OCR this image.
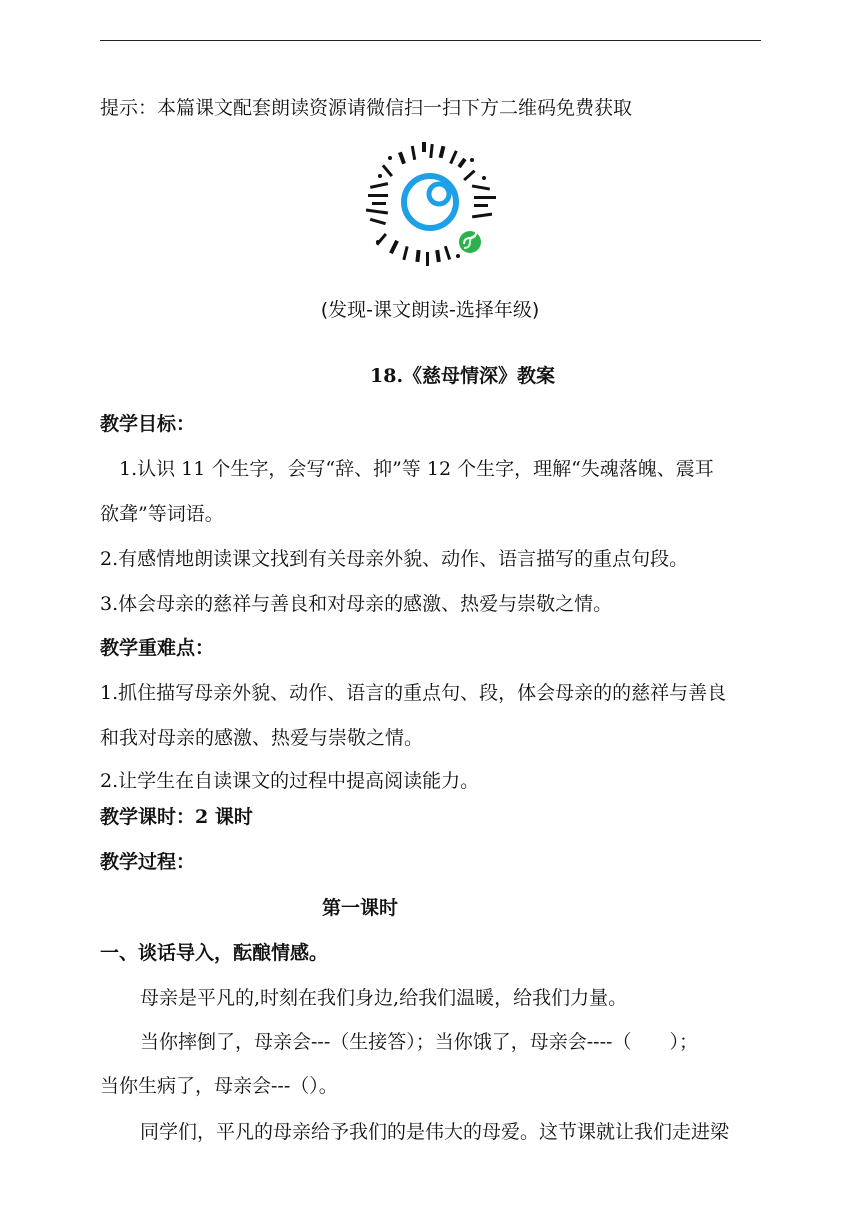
提示：本篇课文配套朗读资源请微信扫一扫下方二维码免费获取
(发现-课文朗读-选择年级)
18.《慈母情深》教案
教学目标：
1.认识 11 个生字，会写“辞、抑”等 12 个生字，理解“失魂落魄、震耳
欲聋”等词语。
2.有感情地朗读课文找到有关母亲外貌、动作、语言描写的重点句段。
3.体会母亲的慈祥与善良和对母亲的感激、热爱与崇敬之情。
教学重难点：
1.抓住描写母亲外貌、动作、语言的重点句、段，体会母亲的的慈祥与善良
和我对母亲的感激、热爱与崇敬之情。
2.让学生在自读课文的过程中提高阅读能力。
教学课时：2 课时
教学过程：
第一课时
一、谈话导入，酝酿情感。
母亲是平凡的,时刻在我们身边,给我们温暖，给我们力量。
当你摔倒了，母亲会---（生接答）；当你饿了，母亲会----（　　）；
当你生病了，母亲会---（）。
同学们，平凡的母亲给予我们的是伟大的母爱。这节课就让我们走进梁
